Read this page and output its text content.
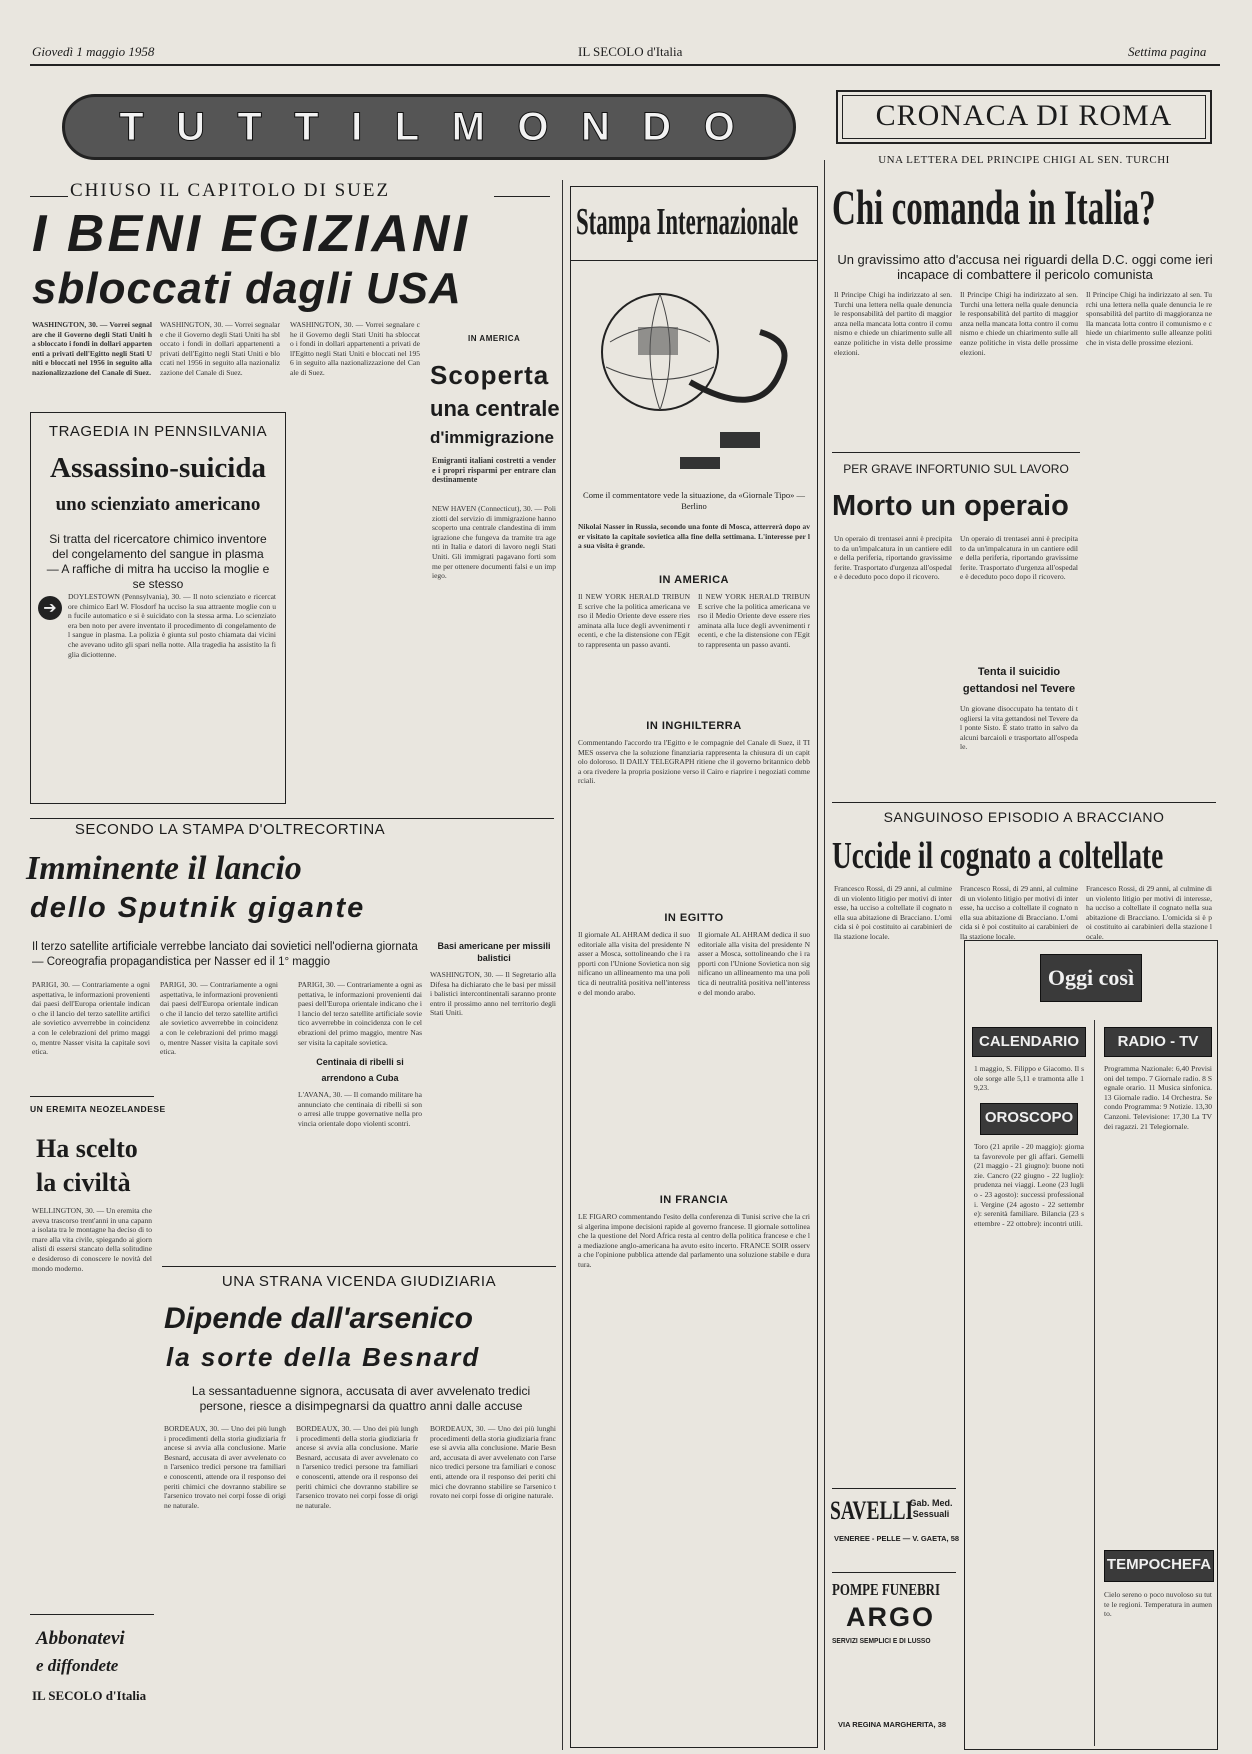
Giovedì 1 maggio 1958	IL SECOLO d'Italia	Settima pagina
T U T T I L M O N D O	CRONACA DI ROMA
CHIUSO IL CAPITOLO DI SUEZ
I BENI EGIZIANI
sbloccati dagli USA
WASHINGTON, 30. — Vorrei segnalare che il Governo degli Stati Uniti ha sbloccato i fondi in dollari appartenenti a privati dell'Egitto negli Stati Uniti e bloccati nel 1956 in seguito alla nazionalizzazione del Canale di Suez.
WASHINGTON, 30. — Vorrei segnalare che il Governo degli Stati Uniti ha sbloccato i fondi in dollari appartenenti a privati dell'Egitto negli Stati Uniti e bloccati nel 1956 in seguito alla nazionalizzazione del Canale di Suez.
WASHINGTON, 30. — Vorrei segnalare che il Governo degli Stati Uniti ha sbloccato i fondi in dollari appartenenti a privati dell'Egitto negli Stati Uniti e bloccati nel 1956 in seguito alla nazionalizzazione del Canale di Suez.
IN AMERICA
Scoperta
una centrale
d'immigrazione
Emigranti italiani costretti a vendere i propri risparmi per entrare clandestinamente
NEW HAVEN (Connecticut), 30. — Poliziotti del servizio di immigrazione hanno scoperto una centrale clandestina di immigrazione che fungeva da tramite tra agenti in Italia e datori di lavoro negli Stati Uniti. Gli immigrati pagavano forti somme per ottenere documenti falsi e un impiego.
TRAGEDIA IN PENNSILVANIA
Assassino-suicida
uno scienziato americano
Si tratta del ricercatore chimico inventore del congelamento del sangue in plasma — A raffiche di mitra ha ucciso la moglie e se stesso
➔
DOYLESTOWN (Pennsylvania), 30. — Il noto scienziato e ricercatore chimico Earl W. Flosdorf ha ucciso la sua attraente moglie con un fucile automatico e si è suicidato con la stessa arma. Lo scienziato era ben noto per avere inventato il procedimento di congelamento del sangue in plasma. La polizia è giunta sul posto chiamata dai vicini che avevano udito gli spari nella notte. Alla tragedia ha assistito la figlia diciottenne.
SECONDO LA STAMPA D'OLTRECORTINA
Imminente il lancio
dello Sputnik gigante
Il terzo satellite artificiale verrebbe lanciato dai sovietici nell'odierna giornata — Coreografia propagandistica per Nasser ed il 1° maggio
PARIGI, 30. — Contrariamente a ogni aspettativa, le informazioni provenienti dai paesi dell'Europa orientale indicano che il lancio del terzo satellite artificiale sovietico avverrebbe in coincidenza con le celebrazioni del primo maggio, mentre Nasser visita la capitale sovietica.
PARIGI, 30. — Contrariamente a ogni aspettativa, le informazioni provenienti dai paesi dell'Europa orientale indicano che il lancio del terzo satellite artificiale sovietico avverrebbe in coincidenza con le celebrazioni del primo maggio, mentre Nasser visita la capitale sovietica.
PARIGI, 30. — Contrariamente a ogni aspettativa, le informazioni provenienti dai paesi dell'Europa orientale indicano che il lancio del terzo satellite artificiale sovietico avverrebbe in coincidenza con le celebrazioni del primo maggio, mentre Nasser visita la capitale sovietica.
Basi americane per missili balistici
WASHINGTON, 30. — Il Segretario alla Difesa ha dichiarato che le basi per missili balistici intercontinentali saranno pronte entro il prossimo anno nel territorio degli Stati Uniti.
Centinaia di ribelli si arrendono a Cuba
L'AVANA, 30. — Il comando militare ha annunciato che centinaia di ribelli si sono arresi alle truppe governative nella provincia orientale dopo violenti scontri.
UN EREMITA NEOZELANDESE
Ha scelto
la civiltà
WELLINGTON, 30. — Un eremita che aveva trascorso trent'anni in una capanna isolata tra le montagne ha deciso di tornare alla vita civile, spiegando ai giornalisti di essersi stancato della solitudine e desideroso di conoscere le novità del mondo moderno.
Abbonatevi
e diffondete
IL SECOLO d'Italia
UNA STRANA VICENDA GIUDIZIARIA
Dipende dall'arsenico
la sorte della Besnard
La sessantaduenne signora, accusata di aver avvelenato tredici persone, riesce a disimpegnarsi da quattro anni dalle accuse
BORDEAUX, 30. — Uno dei più lunghi procedimenti della storia giudiziaria francese si avvia alla conclusione. Marie Besnard, accusata di aver avvelenato con l'arsenico tredici persone tra familiari e conoscenti, attende ora il responso dei periti chimici che dovranno stabilire se l'arsenico trovato nei corpi fosse di origine naturale.
BORDEAUX, 30. — Uno dei più lunghi procedimenti della storia giudiziaria francese si avvia alla conclusione. Marie Besnard, accusata di aver avvelenato con l'arsenico tredici persone tra familiari e conoscenti, attende ora il responso dei periti chimici che dovranno stabilire se l'arsenico trovato nei corpi fosse di origine naturale.
BORDEAUX, 30. — Uno dei più lunghi procedimenti della storia giudiziaria francese si avvia alla conclusione. Marie Besnard, accusata di aver avvelenato con l'arsenico tredici persone tra familiari e conoscenti, attende ora il responso dei periti chimici che dovranno stabilire se l'arsenico trovato nei corpi fosse di origine naturale.
Stampa Internazionale
Come il commentatore vede la situazione, da «Giornale Tipo» — Berlino
Nikolai Nasser in Russia, secondo una fonte di Mosca, atterrerà dopo aver visitato la capitale sovietica alla fine della settimana. L'interesse per la sua visita è grande.
IN AMERICA
Il NEW YORK HERALD TRIBUNE scrive che la politica americana verso il Medio Oriente deve essere riesaminata alla luce degli avvenimenti recenti, e che la distensione con l'Egitto rappresenta un passo avanti.
Il NEW YORK HERALD TRIBUNE scrive che la politica americana verso il Medio Oriente deve essere riesaminata alla luce degli avvenimenti recenti, e che la distensione con l'Egitto rappresenta un passo avanti.
IN INGHILTERRA
Commentando l'accordo tra l'Egitto e le compagnie del Canale di Suez, il TIMES osserva che la soluzione finanziaria rappresenta la chiusura di un capitolo doloroso. Il DAILY TELEGRAPH ritiene che il governo britannico debba ora rivedere la propria posizione verso il Cairo e riaprire i negoziati commerciali.
IN EGITTO
Il giornale AL AHRAM dedica il suo editoriale alla visita del presidente Nasser a Mosca, sottolineando che i rapporti con l'Unione Sovietica non significano un allineamento ma una politica di neutralità positiva nell'interesse del mondo arabo.
Il giornale AL AHRAM dedica il suo editoriale alla visita del presidente Nasser a Mosca, sottolineando che i rapporti con l'Unione Sovietica non significano un allineamento ma una politica di neutralità positiva nell'interesse del mondo arabo.
IN FRANCIA
LE FIGARO commentando l'esito della conferenza di Tunisi scrive che la crisi algerina impone decisioni rapide al governo francese. Il giornale sottolinea che la questione del Nord Africa resta al centro della politica francese e che la mediazione anglo-americana ha avuto esito incerto. FRANCE SOIR osserva che l'opinione pubblica attende dal parlamento una soluzione stabile e duratura.
UNA LETTERA DEL PRINCIPE CHIGI AL SEN. TURCHI
Chi comanda in Italia?
Un gravissimo atto d'accusa nei riguardi della D.C. oggi come ieri incapace di combattere il pericolo comunista
Il Principe Chigi ha indirizzato al sen. Turchi una lettera nella quale denuncia le responsabilità del partito di maggioranza nella mancata lotta contro il comunismo e chiede un chiarimento sulle alleanze politiche in vista delle prossime elezioni.
Il Principe Chigi ha indirizzato al sen. Turchi una lettera nella quale denuncia le responsabilità del partito di maggioranza nella mancata lotta contro il comunismo e chiede un chiarimento sulle alleanze politiche in vista delle prossime elezioni.
Il Principe Chigi ha indirizzato al sen. Turchi una lettera nella quale denuncia le responsabilità del partito di maggioranza nella mancata lotta contro il comunismo e chiede un chiarimento sulle alleanze politiche in vista delle prossime elezioni.
PER GRAVE INFORTUNIO SUL LAVORO
Morto un operaio
Un operaio di trentasei anni è precipitato da un'impalcatura in un cantiere edile della periferia, riportando gravissime ferite. Trasportato d'urgenza all'ospedale è deceduto poco dopo il ricovero.
Un operaio di trentasei anni è precipitato da un'impalcatura in un cantiere edile della periferia, riportando gravissime ferite. Trasportato d'urgenza all'ospedale è deceduto poco dopo il ricovero.
Tenta il suicidio gettandosi nel Tevere
Un giovane disoccupato ha tentato di togliersi la vita gettandosi nel Tevere dal ponte Sisto. È stato tratto in salvo da alcuni barcaioli e trasportato all'ospedale.
SANGUINOSO EPISODIO A BRACCIANO
Uccide il cognato a coltellate
Francesco Rossi, di 29 anni, al culmine di un violento litigio per motivi di interesse, ha ucciso a coltellate il cognato nella sua abitazione di Bracciano. L'omicida si è poi costituito ai carabinieri della stazione locale.
Francesco Rossi, di 29 anni, al culmine di un violento litigio per motivi di interesse, ha ucciso a coltellate il cognato nella sua abitazione di Bracciano. L'omicida si è poi costituito ai carabinieri della stazione locale.
Francesco Rossi, di 29 anni, al culmine di un violento litigio per motivi di interesse, ha ucciso a coltellate il cognato nella sua abitazione di Bracciano. L'omicida si è poi costituito ai carabinieri della stazione locale.
Oggi così
CALENDARIO	RADIO - TV
1 maggio, S. Filippo e Giacomo. Il sole sorge alle 5,11 e tramonta alle 19,23.
OROSCOPO
Toro (21 aprile - 20 maggio): giornata favorevole per gli affari. Gemelli (21 maggio - 21 giugno): buone notizie. Cancro (22 giugno - 22 luglio): prudenza nei viaggi. Leone (23 luglio - 23 agosto): successi professionali. Vergine (24 agosto - 22 settembre): serenità familiare. Bilancia (23 settembre - 22 ottobre): incontri utili.
Programma Nazionale: 6,40 Previsioni del tempo. 7 Giornale radio. 8 Segnale orario. 11 Musica sinfonica. 13 Giornale radio. 14 Orchestra. Secondo Programma: 9 Notizie. 13,30 Canzoni. Televisione: 17,30 La TV dei ragazzi. 21 Telegiornale.
TEMPOCHEFA
Cielo sereno o poco nuvoloso su tutte le regioni. Temperatura in aumento.
SAVELLI
Gab. Med. Sessuali
VENEREE - PELLE — V. GAETA, 58
POMPE FUNEBRI
ARGO
SERVIZI SEMPLICI E DI LUSSO
VIA REGINA MARGHERITA, 38
